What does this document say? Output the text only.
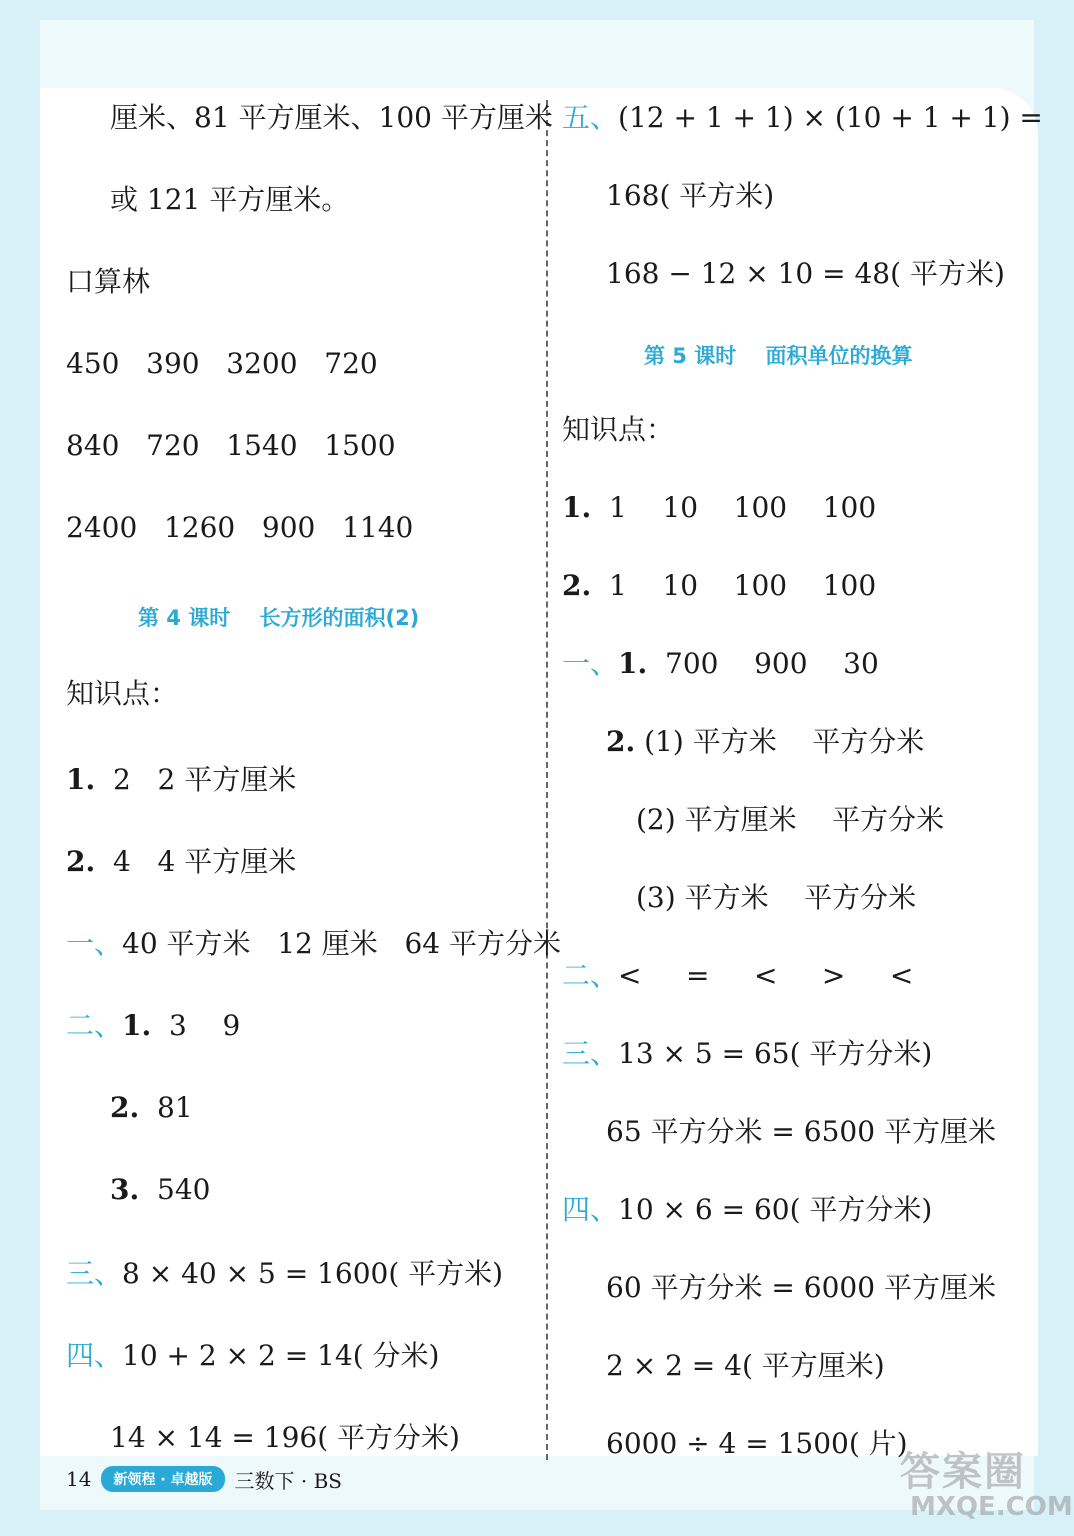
厘米、81 平方厘米、100 平方厘米
或 121 平方厘米。
口算林
450   390   3200   720
840   720   1540   1500
2400   1260   900   1140
第 4 课时    长方形的面积(2)
知识点：
1.  2   2 平方厘米
2.  4   4 平方厘米
一、40 平方米   12 厘米   64 平方分米
二、1.  3    9
2.  81
3.  540
三、8 × 40 × 5 = 1600( 平方米)
四、10 + 2 × 2 = 14( 分米)
14 × 14 = 196( 平方分米)
五、(12 + 1 + 1) × (10 + 1 + 1) =
168( 平方米)
168 − 12 × 10 = 48( 平方米)
第 5 课时    面积单位的换算
知识点：
1.  1    10    100    100
2.  1    10    100    100
一、1.  700    900    30
2. (1) 平方米    平方分米
(2) 平方厘米    平方分米
(3) 平方米    平方分米
二、<     =     <     >     <
三、13 × 5 = 65( 平方分米)
65 平方分米 = 6500 平方厘米
四、10 × 6 = 60( 平方分米)
60 平方分米 = 6000 平方厘米
2 × 2 = 4( 平方厘米)
6000 ÷ 4 = 1500( 片)
14	新领程 · 卓越版	三数下 · BS	答案圈
MXQE.COM
